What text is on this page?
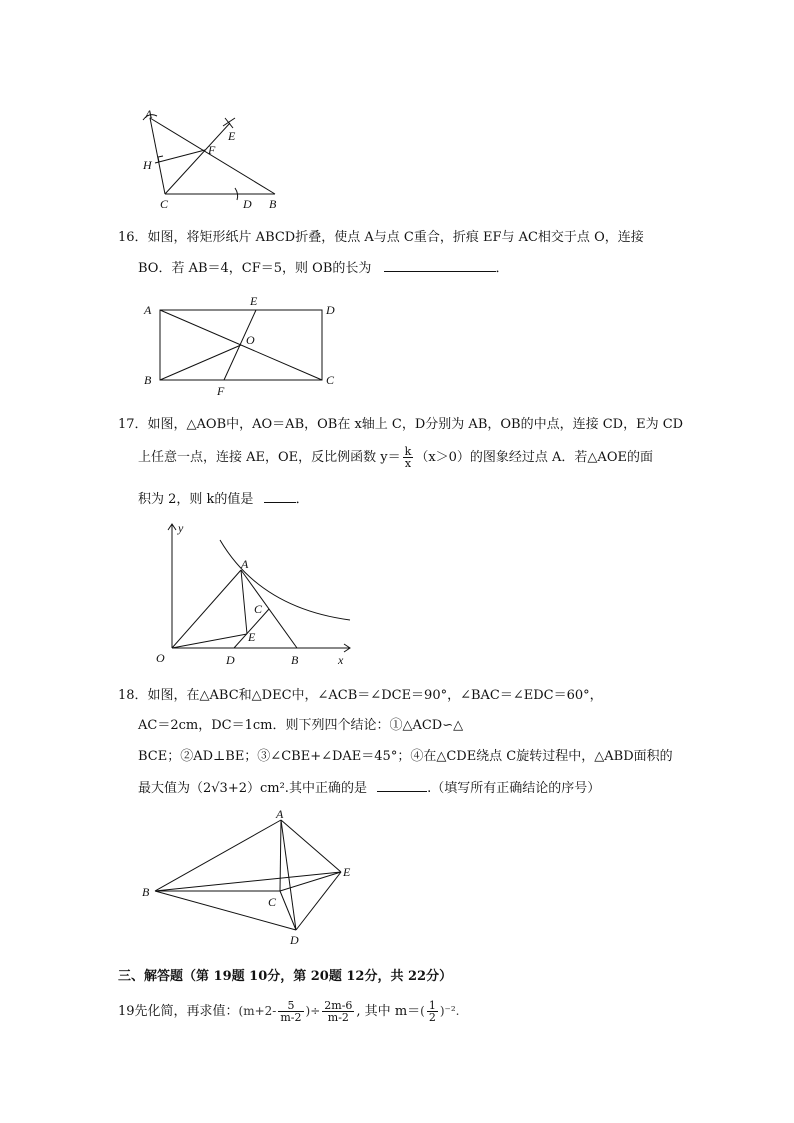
A
E
F
H
C	D B
16．如图，将矩形纸片 ABCD折叠，使点 A与点 C重合，折痕 EF与 AC相交于点 O，连接
BO．若 AB＝4，CF＝5，则 OB的长为	．
A
E
D
O
B
F
C
17．如图，△AOB中，AO＝AB，OB在 x轴上 C，D分别为 AB，OB的中点，连接 CD，E为 CD
上任意一点，连接 AE，OE，反比例函数 $y= \frac{k}{x} (x>0)$的图象经过点 A．若△AOE的面
积为 2，则 k的值是	．
y
x
A
C
E
O	D	B
18．如图，在△ABC和△DEC中，∠ACB＝∠DCE＝90°，∠BAC＝∠EDC＝60°，
AC＝2cm，DC＝1cm．则下列四个结论：①△ACD∽△
BCE；②AD⊥BE；③∠CBE+∠DAE＝45°；④在△CDE绕点 C旋转过程中，△ABD面积的
最大值为（2√3+2）cm².其中正确的是	.（填写所有正确结论的序号）
A
B
C
D
E
三、解答题（第 19题 10分，第 20题 12分，共 22分）
19先化简，再求值：($m+2- \frac{5}{m-2}$ )÷ $\frac{2m-6}{m-2}$ , 其中 $m=( \frac{1}{2} )^{-2}$.
